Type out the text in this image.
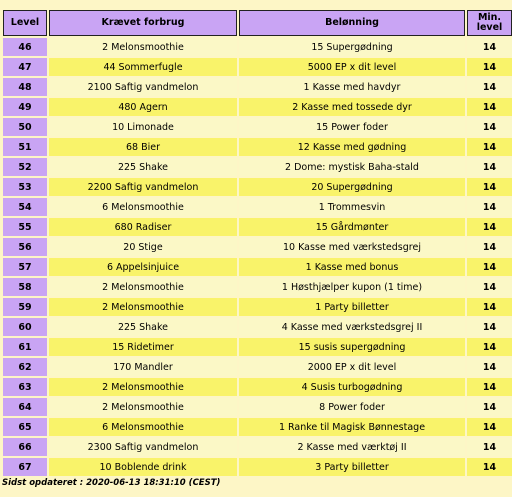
Level	Krævet forbrug	Belønning	Min. level
46	2 Melonsmoothie	15 Supergødning	14
47	44 Sommerfugle	5000 EP x dit level	14
48	2100 Saftig vandmelon	1 Kasse med havdyr	14
49	480 Agern	2 Kasse med tossede dyr	14
50	10 Limonade	15 Power foder	14
51	68 Bier	12 Kasse med gødning	14
52	225 Shake	2 Dome: mystisk Baha-stald	14
53	2200 Saftig vandmelon	20 Supergødning	14
54	6 Melonsmoothie	1 Trommesvin	14
55	680 Radiser	15 Gårdmønter	14
56	20 Stige	10 Kasse med værkstedsgrej	14
57	6 Appelsinjuice	1 Kasse med bonus	14
58	2 Melonsmoothie	1 Høsthjælper kupon (1 time)	14
59	2 Melonsmoothie	1 Party billetter	14
60	225 Shake	4 Kasse med værkstedsgrej II	14
61	15 Ridetimer	15 susis supergødning	14
62	170 Mandler	2000 EP x dit level	14
63	2 Melonsmoothie	4 Susis turbogødning	14
64	2 Melonsmoothie	8 Power foder	14
65	6 Melonsmoothie	1 Ranke til Magisk Bønnestage	14
66	2300 Saftig vandmelon	2 Kasse med værktøj II	14
67	10 Boblende drink	3 Party billetter	14
Sidst opdateret : 2020-06-13 18:31:10 (CEST)
